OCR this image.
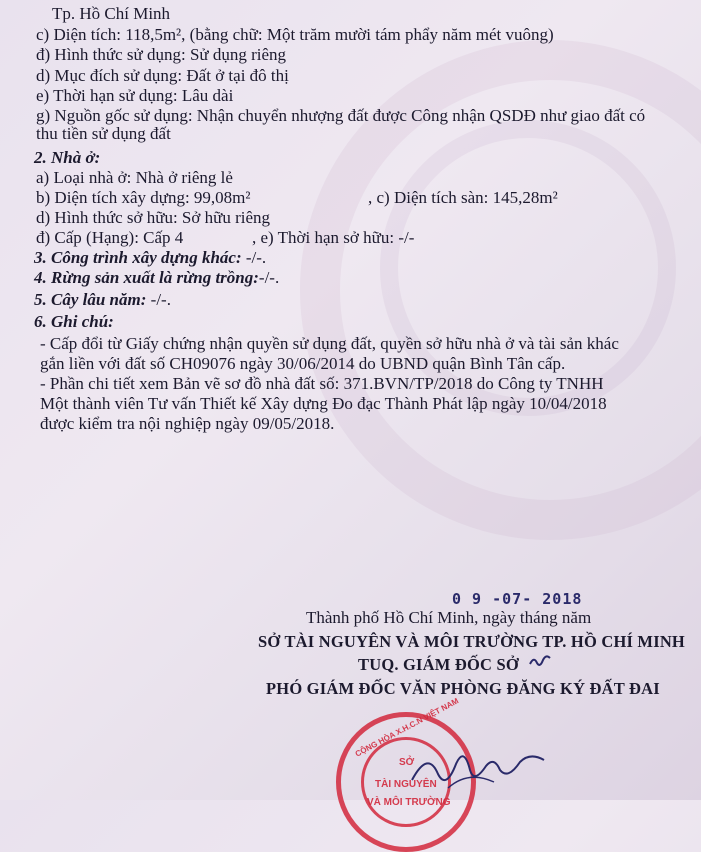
Tp. Hồ Chí Minh
c) Diện tích: 118,5m², (bằng chữ: Một trăm mười tám phẩy năm mét vuông)
đ) Hình thức sử dụng: Sử dụng riêng
d) Mục đích sử dụng: Đất ở tại đô thị
e) Thời hạn sử dụng: Lâu dài
g) Nguồn gốc sử dụng: Nhận chuyển nhượng đất được Công nhận QSDĐ như giao đất có
thu tiền sử dụng đất
2. Nhà ở:
a) Loại nhà ở: Nhà ở riêng lẻ
b) Diện tích xây dựng: 99,08m²	, c) Diện tích sàn: 145,28m²
d) Hình thức sở hữu: Sở hữu riêng
đ) Cấp (Hạng): Cấp 4	, e) Thời hạn sở hữu: -/-
3. Công trình xây dựng khác: -/-.
4. Rừng sản xuất là rừng trồng:-/-.
5. Cây lâu năm: -/-.
6. Ghi chú:
- Cấp đổi từ Giấy chứng nhận quyền sử dụng đất, quyền sở hữu nhà ở và tài sản khác
gắn liền với đất số CH09076 ngày 30/06/2014 do UBND quận Bình Tân cấp.
- Phần chi tiết xem Bản vẽ sơ đồ nhà đất số: 371.BVN/TP/2018 do Công ty TNHH
Một thành viên Tư vấn Thiết kế Xây dựng Đo đạc Thành Phát lập ngày 10/04/2018
được kiểm tra nội nghiệp ngày 09/05/2018.
0 9 -07- 2018
Thành phố Hồ Chí Minh, ngày tháng năm
SỞ TÀI NGUYÊN VÀ MÔI TRƯỜNG TP. HỒ CHÍ MINH
TUQ. GIÁM ĐỐC SỞ
PHÓ GIÁM ĐỐC VĂN PHÒNG ĐĂNG KÝ ĐẤT ĐAI
SỞ
TÀI NGUYÊN
VÀ MÔI TRƯỜNG
CỘNG HÒA X.H.C.N VIỆT NAM
